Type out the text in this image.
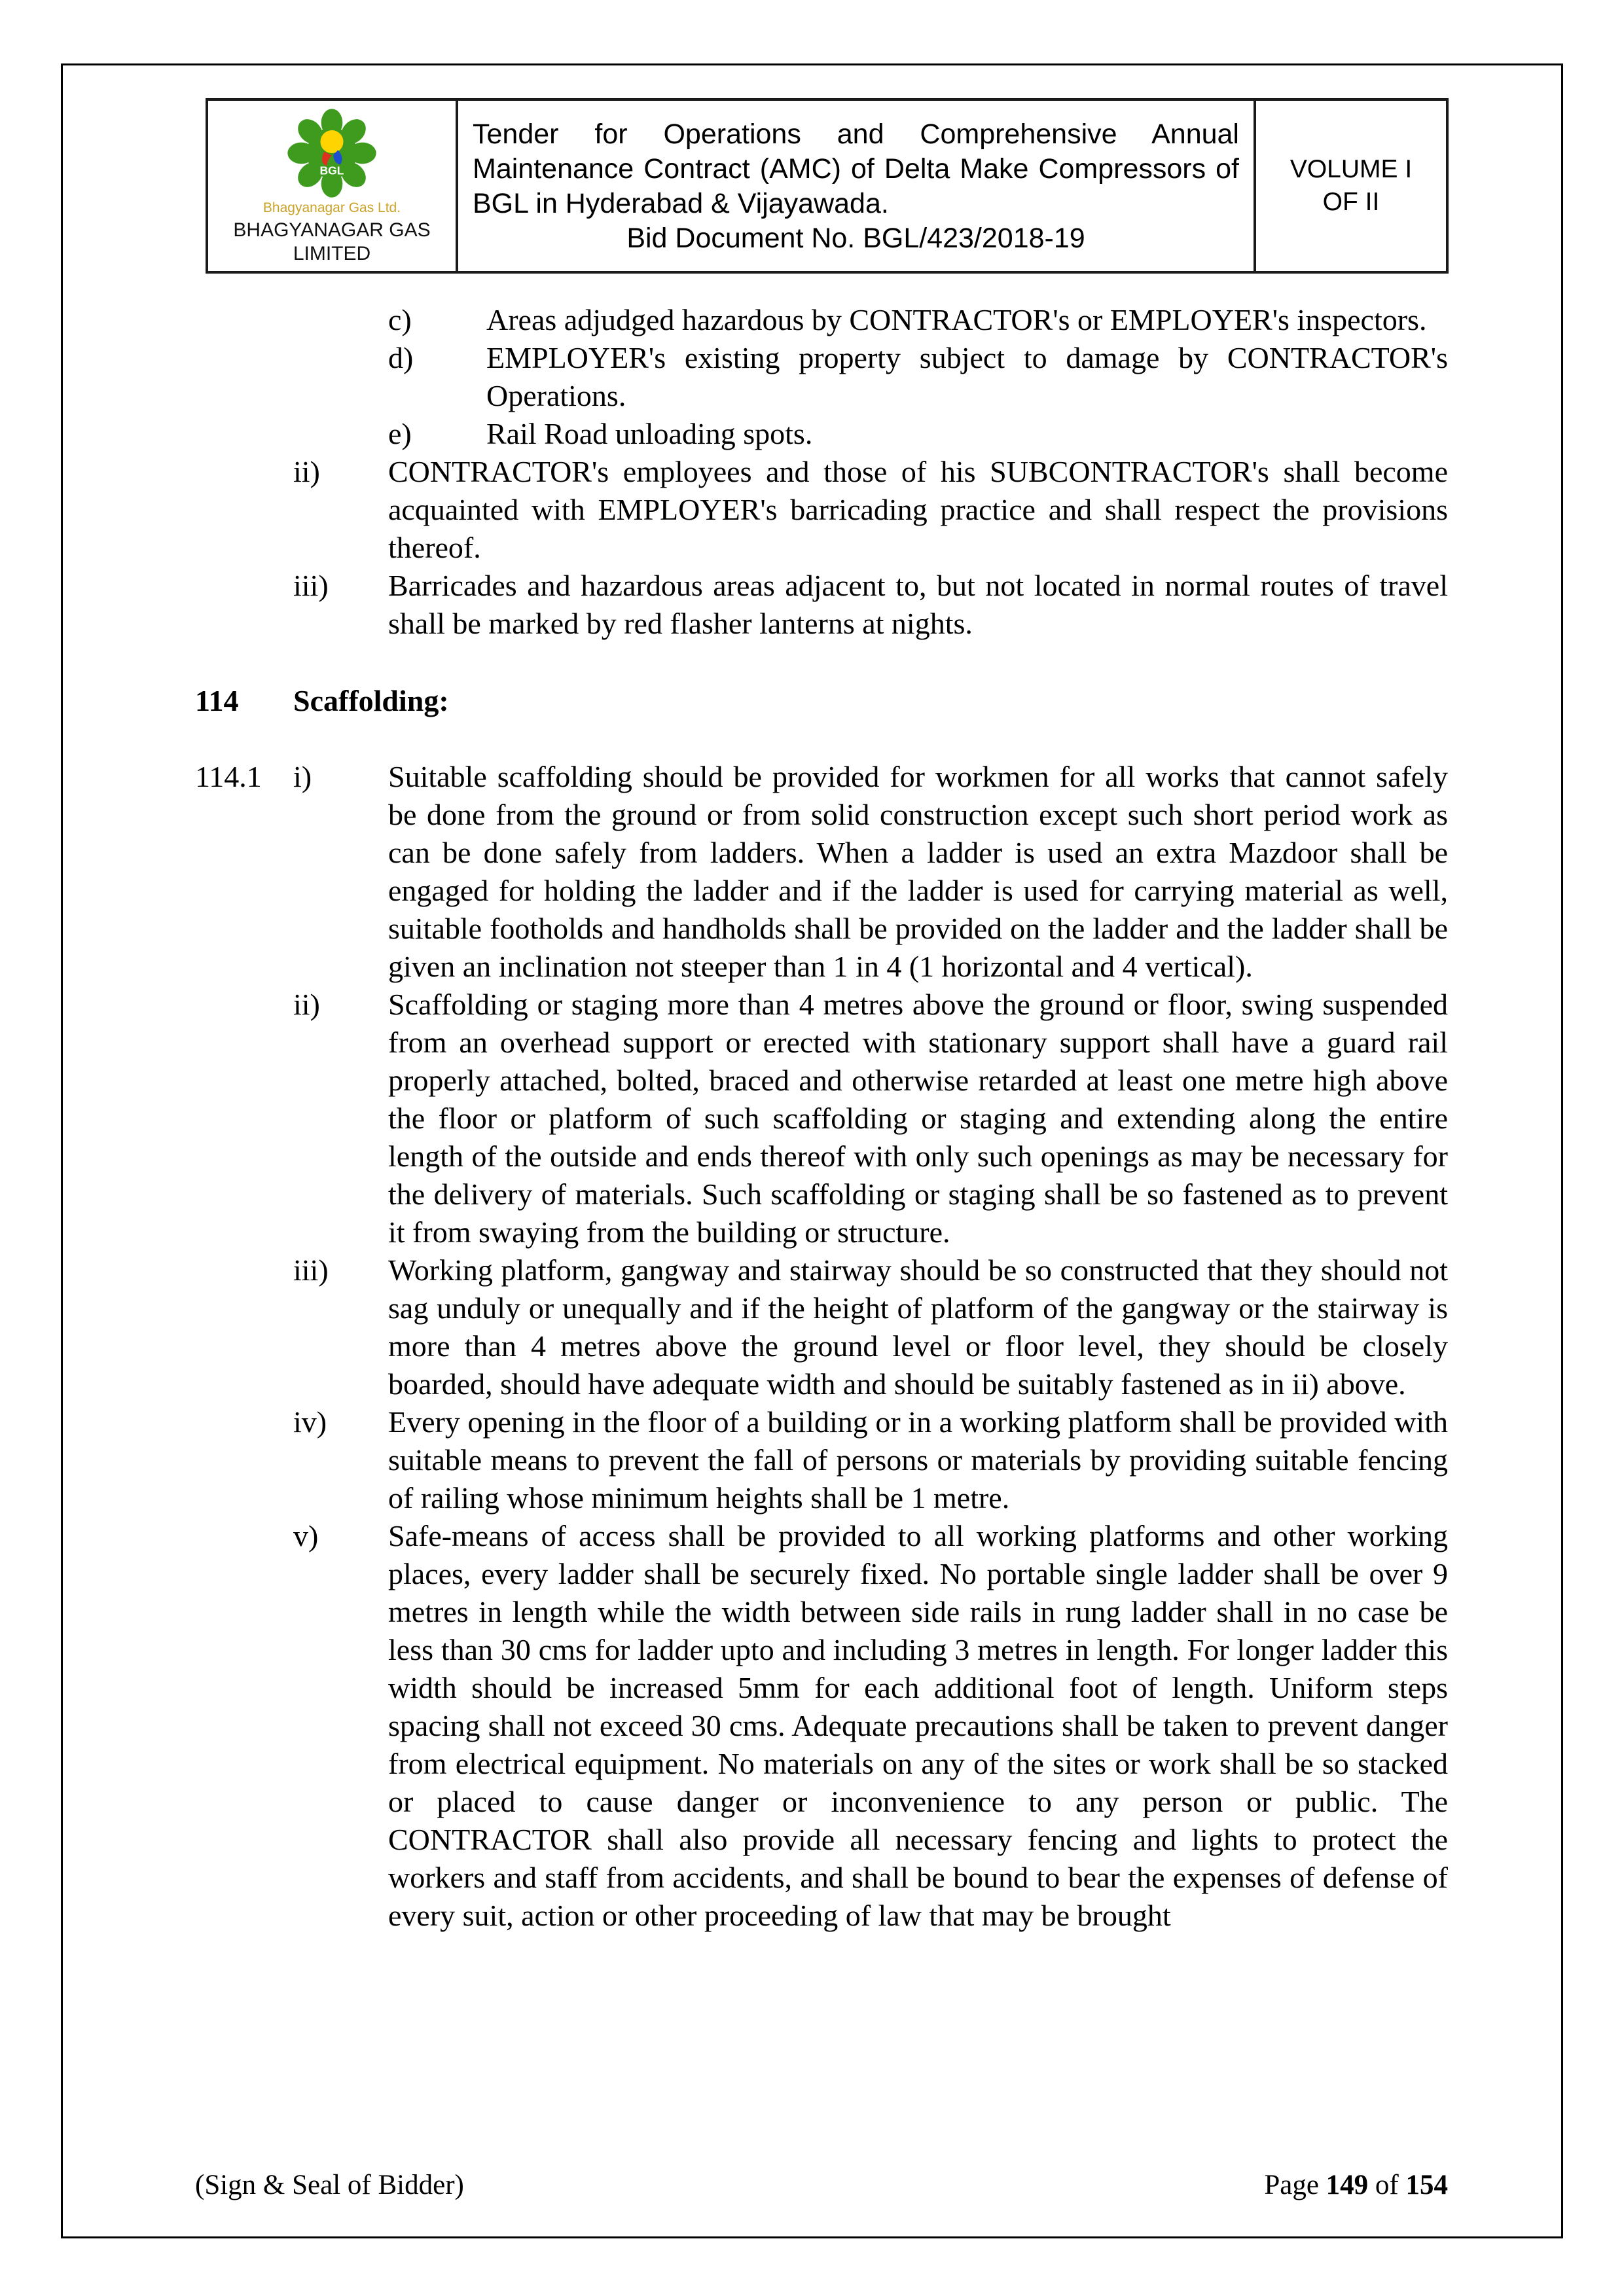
BGL
Bhagyanagar Gas Ltd.
BHAGYANAGAR GAS
LIMITED
Tender for Operations and Comprehensive Annual Maintenance Contract (AMC) of Delta Make Compressors of BGL in Hyderabad & Vijayawada.
Bid Document No. BGL/423/2018-19
VOLUME I
OF II
c)	Areas adjudged hazardous by CONTRACTOR's or EMPLOYER's inspectors.
d)	EMPLOYER's existing property subject to damage by CONTRACTOR's Operations.
e)	Rail Road unloading spots.
ii)	CONTRACTOR's employees and those of his SUBCONTRACTOR's shall become acquainted with EMPLOYER's barricading practice and shall respect the provisions thereof.
iii)	Barricades and hazardous areas adjacent to, but not located in normal routes of travel shall be marked by red flasher lanterns at nights.
114	Scaffolding:
114.1	i)	Suitable scaffolding should be provided for workmen for all works that cannot safely be done from the ground or from solid construction except such short period work as can be done safely from ladders. When a ladder is used an extra Mazdoor shall be engaged for holding the ladder and if the ladder is used for carrying material as well, suitable footholds and handholds shall be provided on the ladder and the ladder shall be given an inclination not steeper than 1 in 4 (1 horizontal and 4 vertical).
ii)	Scaffolding or staging more than 4 metres above the ground or floor, swing suspended from an overhead support or erected with stationary support shall have a guard rail properly attached, bolted, braced and otherwise retarded at least one metre high above the floor or platform of such scaffolding or staging and extending along the entire length of the outside and ends thereof with only such openings as may be necessary for the delivery of materials. Such scaffolding or staging shall be so fastened as to prevent it from swaying from the building or structure.
iii)	Working platform, gangway and stairway should be so constructed that they should not sag unduly or unequally and if the height of platform of the gangway or the stairway is more than 4 metres above the ground level or floor level, they should be closely boarded, should have adequate width and should be suitably fastened as in ii) above.
iv)	Every opening in the floor of a building or in a working platform shall be provided with suitable means to prevent the fall of persons or materials by providing suitable fencing of railing whose minimum heights shall be 1 metre.
v)	Safe-means of access shall be provided to all working platforms and other working places, every ladder shall be securely fixed. No portable single ladder shall be over 9 metres in length while the width between side rails in rung ladder shall in no case be less than 30 cms for ladder upto and including 3 metres in length. For longer ladder this width should be increased 5mm for each additional foot of length. Uniform steps spacing shall not exceed 30 cms. Adequate precautions shall be taken to prevent danger from electrical equipment. No materials on any of the sites or work shall be so stacked or placed to cause danger or inconvenience to any person or public. The CONTRACTOR shall also provide all necessary fencing and lights to protect the workers and staff from accidents, and shall be bound to bear the expenses of defense of every suit, action or other proceeding of law that may be brought
(Sign & Seal of Bidder)	Page 149 of 154
